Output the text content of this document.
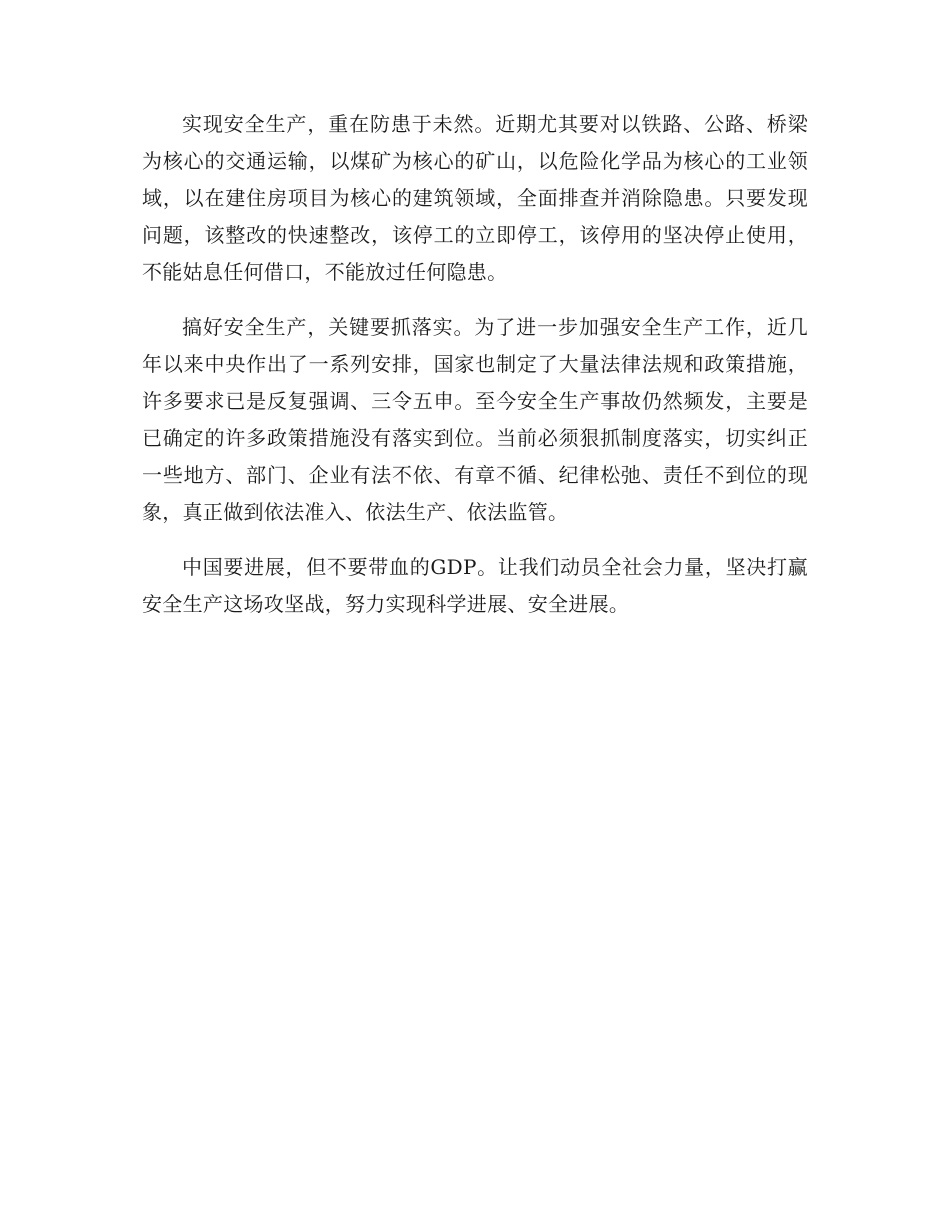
实现安全生产，重在防患于未然。近期尤其要对以铁路、公路、桥梁为核心的交通运输，以煤矿为核心的矿山，以危险化学品为核心的工业领域，以在建住房项目为核心的建筑领域，全面排查并消除隐患。只要发现问题，该整改的快速整改，该停工的立即停工，该停用的坚决停止使用，不能姑息任何借口，不能放过任何隐患。

搞好安全生产，关键要抓落实。为了进一步加强安全生产工作，近几年以来中央作出了一系列安排，国家也制定了大量法律法规和政策措施，许多要求已是反复强调、三令五申。至今安全生产事故仍然频发，主要是已确定的许多政策措施没有落实到位。当前必须狠抓制度落实，切实纠正一些地方、部门、企业有法不依、有章不循、纪律松弛、责任不到位的现象，真正做到依法准入、依法生产、依法监管。

中国要进展，但不要带血的GDP。让我们动员全社会力量，坚决打赢安全生产这场攻坚战，努力实现科学进展、安全进展。
